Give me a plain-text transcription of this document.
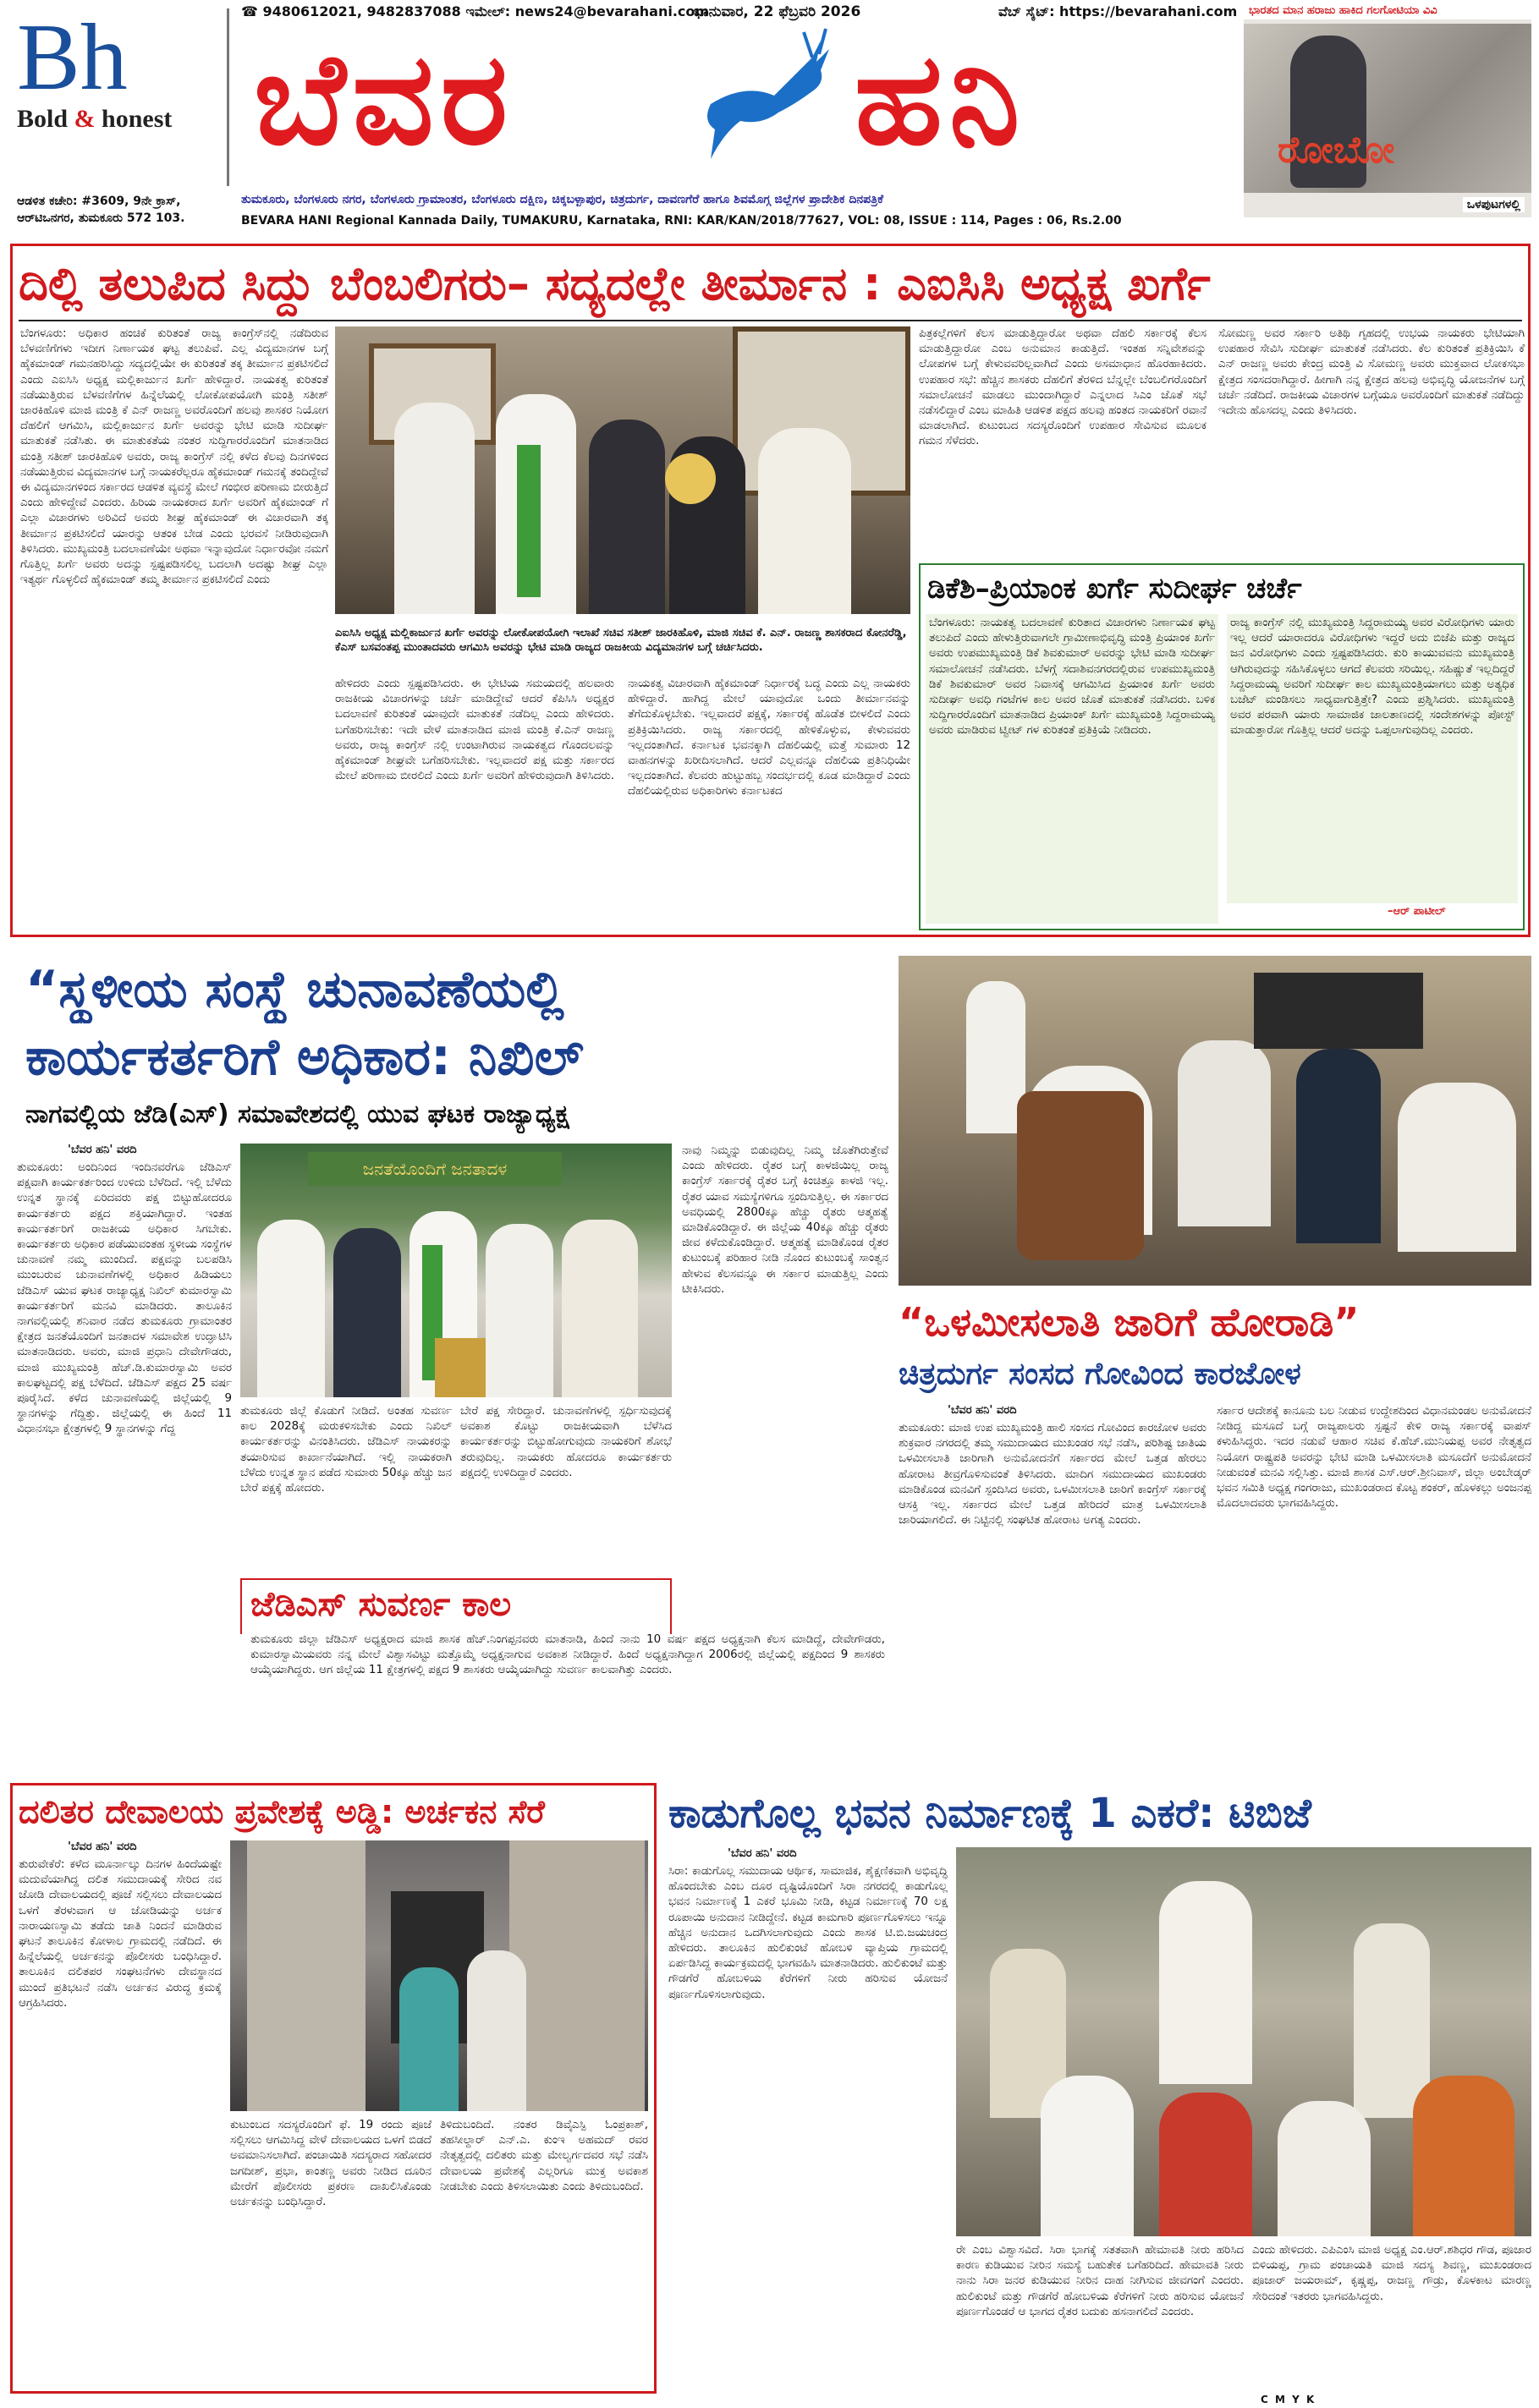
Bh
Bold & honest
☎ 9480612021, 9482837088 ಇಮೇಲ್: news24@bevarahani.com
ಭಾನುವಾರ, 22 ಫೆಬ್ರವರಿ 2026	ವೆಬ್ ಸೈಟ್: https://bevarahani.com
ಬೆವರ	ಹನಿ
ಭಾರತದ ಮಾನ ಹರಾಜು ಹಾಕಿದ ಗಲಗೋಟಿಯಾ ವಿವಿ
ರೋಬೋ
ಒಳಪುಟಗಳಲ್ಲಿ
ಆಡಳಿತ ಕಚೇರಿ: #3609, 9ನೇ ಕ್ರಾಸ್,
ಆರ್‌ಟಿಒನಗರ, ತುಮಕೂರು 572 103.
ತುಮಕೂರು, ಬೆಂಗಳೂರು ನಗರ, ಬೆಂಗಳೂರು ಗ್ರಾಮಾಂತರ, ಬೆಂಗಳೂರು ದಕ್ಷಿಣ, ಚಿಕ್ಕಬಳ್ಳಾಪುರ, ಚಿತ್ರದುರ್ಗ, ದಾವಣಗೆರೆ ಹಾಗೂ ಶಿವಮೊಗ್ಗ ಜಿಲ್ಲೆಗಳ ಪ್ರಾದೇಶಿಕ ದಿನಪತ್ರಿಕೆ
BEVARA HANI Regional Kannada Daily, TUMAKURU, Karnataka, RNI: KAR/KAN/2018/77627, VOL: 08, ISSUE : 114, Pages : 06, Rs.2.00
ದಿಲ್ಲಿ ತಲುಪಿದ ಸಿದ್ದು ಬೆಂಬಲಿಗರು– ಸದ್ಯದಲ್ಲೇ ತೀರ್ಮಾನ : ಎಐಸಿಸಿ ಅಧ್ಯಕ್ಷ ಖರ್ಗೆ
ಬೆಂಗಳೂರು: ಅಧಿಕಾರ ಹಂಚಿಕೆ ಕುರಿತಂತೆ ರಾಜ್ಯ ಕಾಂಗ್ರೆಸ್‌ನಲ್ಲಿ ನಡೆದಿರುವ ಬೆಳವಣಿಗೆಗಳು ಇದೀಗ ನಿರ್ಣಾಯಕ ಘಟ್ಟ ತಲುಪಿವೆ. ಎಲ್ಲ ವಿದ್ಯಮಾನಗಳ ಬಗ್ಗೆ ಹೈಕಮಾಂಡ್ ಗಮನಹರಿಸಿದ್ದು ಸದ್ಯದಲ್ಲಿಯೇ ಈ ಕುರಿತಂತೆ ತಕ್ಕ ತೀರ್ಮಾನ ಪ್ರಕಟಿಸಲಿದೆ ಎಂದು ಎಐಸಿಸಿ ಅಧ್ಯಕ್ಷ ಮಲ್ಲಿಕಾರ್ಜುನ ಖರ್ಗೆ ಹೇಳಿದ್ದಾರೆ. ನಾಯಕತ್ವ ಕುರಿತಂತೆ ನಡೆಯುತ್ತಿರುವ ಬೆಳವಣಿಗೆಗಳ ಹಿನ್ನೆಲೆಯಲ್ಲಿ ಲೋಕೋಪಯೋಗಿ ಮಂತ್ರಿ ಸತೀಶ್ ಜಾರಕಿಹೊಳಿ ಮಾಜಿ ಮಂತ್ರಿ ಕೆ ಎನ್ ರಾಜಣ್ಣ ಅವರೊಂದಿಗೆ ಹಲವು ಶಾಸಕರ ನಿಯೋಗ ದೆಹಲಿಗೆ ಆಗಮಿಸಿ, ಮಲ್ಲಿಕಾರ್ಜುನ ಖರ್ಗೆ ಅವರನ್ನು ಭೇಟಿ ಮಾಡಿ ಸುದೀರ್ಘ ಮಾತುಕತೆ ನಡೆಸಿತು. ಈ ಮಾತುಕತೆಯ ನಂತರ ಸುದ್ದಿಗಾರರೊಂದಿಗೆ ಮಾತನಾಡಿದ ಮಂತ್ರಿ ಸತೀಶ್ ಜಾರಕಿಹೊಳಿ ಅವರು, ರಾಜ್ಯ ಕಾಂಗ್ರೆಸ್ ನಲ್ಲಿ ಕಳೆದ ಕೆಲವು ದಿನಗಳಿಂದ ನಡೆಯುತ್ತಿರುವ ವಿದ್ಯಮಾನಗಳ ಬಗ್ಗೆ ನಾಯಕರೆಲ್ಲರೂ ಹೈಕಮಾಂಡ್ ಗಮನಕ್ಕೆ ತಂದಿದ್ದೇವೆ ಈ ವಿದ್ಯಮಾನಗಳಿಂದ ಸರ್ಕಾರದ ಆಡಳಿತ ವ್ಯವಸ್ಥೆ ಮೇಲೆ ಗಂಭೀರ ಪರಿಣಾಮ ಬೀರುತ್ತಿದೆ ಎಂದು ಹೇಳಿದ್ದೇವೆ ಎಂದರು. ಹಿರಿಯ ನಾಯಕರಾದ ಖರ್ಗೆ ಅವರಿಗೆ ಹೈಕಮಾಂಡ್ ಗೆ ಎಲ್ಲಾ ವಿಚಾರಗಳು ಅರಿವಿದೆ ಅವರು ಶೀಘ್ರ ಹೈಕಮಾಂಡ್ ಈ ವಿಚಾರವಾಗಿ ತಕ್ಕ ತೀರ್ಮಾನ ಪ್ರಕಟಿಸಲಿದೆ ಯಾರನ್ನು ಆತಂಕ ಬೇಡ ಎಂದು ಭರವಸೆ ನೀಡಿರುವುದಾಗಿ ತಿಳಿಸಿದರು. ಮುಖ್ಯಮಂತ್ರಿ ಬದಲಾವಣೆಯೇ ಅಥವಾ ಇನ್ನಾವುದೋ ನಿರ್ಧಾರವೋ ನಮಗೆ ಗೊತ್ತಿಲ್ಲ ಖರ್ಗೆ ಅವರು ಅದನ್ನು ಸ್ಪಷ್ಟಪಡಿಸಲಿಲ್ಲ ಬದಲಾಗಿ ಅದಷ್ಟು ಶೀಘ್ರ ಎಲ್ಲಾ ಇತ್ಯರ್ಥ ಗೊಳ್ಳಲಿದೆ ಹೈಕಮಾಂಡ್ ತಮ್ಮ ತೀರ್ಮಾನ ಪ್ರಕಟಿಸಲಿದೆ ಎಂದು
ಎಐಸಿಸಿ ಅಧ್ಯಕ್ಷ ಮಲ್ಲಿಕಾರ್ಜುನ ಖರ್ಗೆ ಅವರನ್ನು ಲೋಕೋಪಯೋಗಿ ಇಲಾಖೆ ಸಚಿವ ಸತೀಶ್ ಜಾರಕಿಹೊಳಿ, ಮಾಜಿ ಸಚಿವ ಕೆ. ಎನ್. ರಾಜಣ್ಣ ಶಾಸಕರಾದ ಕೋನರೆಡ್ಡಿ, ಕೆಎಸ್ ಬಸವಂತಪ್ಪ ಮುಂತಾದವರು ಆಗಮಿಸಿ ಅವರನ್ನು ಭೇಟಿ ಮಾಡಿ ರಾಜ್ಯದ ರಾಜಕೀಯ ವಿದ್ಯಮಾನಗಳ ಬಗ್ಗೆ ಚರ್ಚಿಸಿದರು.
ಹೇಳಿದರು ಎಂದು ಸ್ಪಷ್ಟಪಡಿಸಿದರು. ಈ ಭೇಟಿಯ ಸಮಯದಲ್ಲಿ ಹಲವಾರು ರಾಜಕೀಯ ವಿಚಾರಗಳನ್ನು ಚರ್ಚೆ ಮಾಡಿದ್ದೇವೆ ಆದರೆ ಕೆಪಿಸಿಸಿ ಅಧ್ಯಕ್ಷರ ಬದಲಾವಣೆ ಕುರಿತಂತೆ ಯಾವುದೇ ಮಾತುಕತೆ ನಡೆದಿಲ್ಲ ಎಂದು ಹೇಳಿದರು. ಬಗೆಹರಿಸಬೇಕು: ಇದೇ ವೇಳೆ ಮಾತನಾಡಿದ ಮಾಜಿ ಮಂತ್ರಿ ಕೆ.ಎನ್ ರಾಜಣ್ಣ ಅವರು, ರಾಜ್ಯ ಕಾಂಗ್ರೆಸ್ ನಲ್ಲಿ ಉಂಟಾಗಿರುವ ನಾಯಕತ್ವದ ಗೊಂದಲವನ್ನು ಹೈಕಮಾಂಡ್ ಶೀಘ್ರವೇ ಬಗೆಹರಿಸಬೇಕು. ಇಲ್ಲವಾದರೆ ಪಕ್ಷ ಮತ್ತು ಸರ್ಕಾರದ ಮೇಲೆ ಪರಿಣಾಮ ಬೀರಲಿದೆ ಎಂದು ಖರ್ಗೆ ಅವರಿಗೆ ಹೇಳಿರುವುದಾಗಿ ತಿಳಿಸಿದರು.
ನಾಯಕತ್ವ ವಿಚಾರವಾಗಿ ಹೈಕಮಾಂಡ್ ನಿರ್ಧಾರಕ್ಕೆ ಬದ್ಧ ಎಂದು ಎಲ್ಲ ನಾಯಕರು ಹೇಳಿದ್ದಾರೆ. ಹಾಗಿದ್ದ ಮೇಲೆ ಯಾವುದೋ ಒಂದು ತೀರ್ಮಾನವನ್ನು ತೆಗೆದುಕೊಳ್ಳಬೇಕು. ಇಲ್ಲವಾದರೆ ಪಕ್ಷಕ್ಕೆ, ಸರ್ಕಾರಕ್ಕೆ ಹೊಡೆತ ಬೀಳಲಿದೆ ಎಂದು ಪ್ರತಿಕ್ರಿಯಿಸಿದರು. ರಾಜ್ಯ ಸರ್ಕಾರದಲ್ಲಿ ಹೇಳಿಕೊಳ್ಳುವ, ಕೇಳುವವರು ಇಲ್ಲದಂತಾಗಿದೆ. ಕರ್ನಾಟಕ ಭವನಕ್ಕಾಗಿ ದೆಹಲಿಯಲ್ಲಿ ಮತ್ತೆ ಸುಮಾರು 12 ವಾಹನಗಳನ್ನು ಖರೀದಿಸಲಾಗಿದೆ. ಆದರೆ ಎಲ್ಲವನ್ನೂ ದೆಹಲಿಯ ಪ್ರತಿನಿಧಿಯೇ ಇಲ್ಲದಂತಾಗಿದೆ. ಕೆಲವರು ಹುಟ್ಟುಹಬ್ಬ ಸಂದರ್ಭದಲ್ಲಿ ಕೂಡ ಮಾಡಿದ್ದಾರೆ ಎಂದು ದೆಹಲಿಯಲ್ಲಿರುವ ಅಧಿಕಾರಿಗಳು ಕರ್ನಾಟಕದ
ಪಿತ್ರಕಲ್ಲೆಗಳಿಗೆ ಕೆಲಸ ಮಾಡುತ್ತಿದ್ದಾರೋ ಅಥವಾ ದೆಹಲಿ ಸರ್ಕಾರಕ್ಕೆ ಕೆಲಸ ಮಾಡುತ್ತಿದ್ದಾರೋ ಎಂಬ ಅನುಮಾನ ಕಾಡುತ್ತಿದೆ. ಇಂತಹ ಸನ್ನಿವೇಶವನ್ನು ಲೋಪಗಳ ಬಗ್ಗೆ ಕೇಳುವವರಿಲ್ಲವಾಗಿದೆ ಎಂದು ಅಸಮಾಧಾನ ಹೊರಹಾಕಿದರು. ಉಪಹಾರ ಸಭೆ: ಹೆಚ್ಚಿನ ಶಾಸಕರು ದೆಹಲಿಗೆ ತೆರಳಿದ ಬೆನ್ನಲ್ಲೇ ಬೆಂಬಲಿಗರೊಂದಿಗೆ ಸಮಾಲೋಚನೆ ಮಾಡಲು ಮುಂದಾಗಿದ್ದಾರೆ ಎನ್ನಲಾದ ಸಿಎಂ ಜೊತೆ ಸಭೆ ನಡೆಸಲಿದ್ದಾರೆ ಎಂಬ ಮಾಹಿತಿ ಆಡಳಿತ ಪಕ್ಷದ ಹಲವು ಹಂತದ ನಾಯಕರಿಗೆ ರವಾನೆ ಮಾಡಲಾಗಿದೆ. ಕುಟುಂಬದ ಸದಸ್ಯರೊಂದಿಗೆ ಉಪಹಾರ ಸೇವಿಸುವ ಮೂಲಕ ಗಮನ ಸೆಳೆದರು.
ಸೋಮಣ್ಣ ಅವರ ಸರ್ಕಾರಿ ಅತಿಥಿ ಗೃಹದಲ್ಲಿ ಉಭಯ ನಾಯಕರು ಭೇಟಿಯಾಗಿ ಉಪಹಾರ ಸೇವಿಸಿ ಸುದೀರ್ಘ ಮಾತುಕತೆ ನಡೆಸಿದರು. ಕೆಲ ಕುರಿತಂತೆ ಪ್ರತಿಕ್ರಿಯಿಸಿ ಕೆ ಎನ್ ರಾಜಣ್ಣ ಅವರು ಕೇಂದ್ರ ಮಂತ್ರಿ ವಿ ಸೋಮಣ್ಣ ಅವರು ಮುಕ್ತವಾದ ಲೋಕಸಭಾ ಕ್ಷೇತ್ರದ ಸಂಸದರಾಗಿದ್ದಾರೆ. ಹೀಗಾಗಿ ನನ್ನ ಕ್ಷೇತ್ರದ ಹಲವು ಅಭಿವೃದ್ಧಿ ಯೋಜನೆಗಳ ಬಗ್ಗೆ ಚರ್ಚೆ ನಡೆದಿದೆ. ರಾಜಕೀಯ ವಿಚಾರಗಳ ಬಗ್ಗೆಯೂ ಅವರೊಂದಿಗೆ ಮಾತುಕತೆ ನಡೆದಿದ್ದು ಇದೇನು ಹೊಸದಲ್ಲ ಎಂದು ತಿಳಿಸಿದರು.
ಡಿಕೆಶಿ–ಪ್ರಿಯಾಂಕ ಖರ್ಗೆ ಸುದೀರ್ಘ ಚರ್ಚೆ
ಬೆಂಗಳೂರು: ನಾಯಕತ್ವ ಬದಲಾವಣೆ ಕುರಿತಾದ ವಿಚಾರಗಳು ನಿರ್ಣಾಯಕ ಘಟ್ಟ ತಲುಪಿದೆ ಎಂದು ಹೇಳುತ್ತಿರುವಾಗಲೇ ಗ್ರಾಮೀಣಾಭಿವೃದ್ಧಿ ಮಂತ್ರಿ ಪ್ರಿಯಾಂಕ ಖರ್ಗೆ ಅವರು ಉಪಮುಖ್ಯಮಂತ್ರಿ ಡಿಕೆ ಶಿವಕುಮಾರ್ ಅವರನ್ನು ಭೇಟಿ ಮಾಡಿ ಸುದೀರ್ಘ ಸಮಾಲೋಚನೆ ನಡೆಸಿದರು. ಬೆಳಗ್ಗೆ ಸದಾಶಿವನಗರದಲ್ಲಿರುವ ಉಪಮುಖ್ಯಮಂತ್ರಿ ಡಿಕೆ ಶಿವಕುಮಾರ್ ಅವರ ನಿವಾಸಕ್ಕೆ ಆಗಮಿಸಿದ ಪ್ರಿಯಾಂಕ ಖರ್ಗೆ ಅವರು ಸುದೀರ್ಘ ಅವಧಿ ಗಂಟೆಗಳ ಕಾಲ ಅವರ ಜೊತೆ ಮಾತುಕತೆ ನಡೆಸಿದರು. ಬಳಿಕ ಸುದ್ದಿಗಾರರೊಂದಿಗೆ ಮಾತನಾಡಿದ ಪ್ರಿಯಾಂಕ್ ಖರ್ಗೆ ಮುಖ್ಯಮಂತ್ರಿ ಸಿದ್ದರಾಮಯ್ಯ ಅವರು ಮಾಡಿರುವ ಟ್ವೀಟ್ ಗಳ ಕುರಿತಂತೆ ಪ್ರತಿಕ್ರಿಯೆ ನೀಡಿದರು.
ರಾಜ್ಯ ಕಾಂಗ್ರೆಸ್ ನಲ್ಲಿ ಮುಖ್ಯಮಂತ್ರಿ ಸಿದ್ದರಾಮಯ್ಯ ಅವರ ವಿರೋಧಿಗಳು ಯಾರು ಇಲ್ಲ ಆದರೆ ಯಾರಾದರೂ ವಿರೋಧಿಗಳು ಇದ್ದರೆ ಅದು ಬಿಜೆಪಿ ಮತ್ತು ರಾಜ್ಯದ ಜನ ವಿರೋಧಿಗಳು ಎಂದು ಸ್ಪಷ್ಟಪಡಿಸಿದರು. ಕುರಿ ಕಾಯುವವನು ಮುಖ್ಯಮಂತ್ರಿ ಆಗಿರುವುದನ್ನು ಸಹಿಸಿಕೊಳ್ಳಲು ಆಗದೆ ಕೆಲವರು ಸರಿಯಿಲ್ಲ. ಸಹಿಷ್ಣುತೆ ಇಲ್ಲದಿದ್ದರೆ ಸಿದ್ದರಾಮಯ್ಯ ಅವರಿಗೆ ಸುದೀರ್ಘ ಕಾಲ ಮುಖ್ಯಮಂತ್ರಿಯಾಗಲು ಮತ್ತು ಅತ್ಯಧಿಕ ಬಜೆಟ್ ಮಂಡಿಸಲು ಸಾಧ್ಯವಾಗುತ್ತಿತ್ತೇ? ಎಂದು ಪ್ರಶ್ನಿಸಿದರು. ಮುಖ್ಯಮಂತ್ರಿ ಅವರ ಪರವಾಗಿ ಯಾರು ಸಾಮಾಜಿಕ ಜಾಲತಾಣದಲ್ಲಿ ಸಂದೇಶಗಳನ್ನು ಪೋಸ್ಟ್ ಮಾಡುತ್ತಾರೋ ಗೊತ್ತಿಲ್ಲ ಆದರೆ ಅದನ್ನು ಒಪ್ಪಲಾಗುವುದಿಲ್ಲ ಎಂದರು.
–ಆರ್ ಪಾಟೀಲ್
“ಸ್ಥಳೀಯ ಸಂಸ್ಥೆ ಚುನಾವಣೆಯಲ್ಲಿ
ಕಾರ್ಯಕರ್ತರಿಗೆ ಅಧಿಕಾರ: ನಿಖಿಲ್
ನಾಗವಲ್ಲಿಯ ಜೆಡಿ(ಎಸ್) ಸಮಾವೇಶದಲ್ಲಿ ಯುವ ಘಟಕ ರಾಜ್ಯಾಧ್ಯಕ್ಷ
'ಬೆವರ ಹನಿ' ವರದಿ
ತುಮಕೂರು: ಅಂದಿನಿಂದ ಇಂದಿನವರೆಗೂ ಜೆಡಿಎಸ್ ಪಕ್ಷವಾಗಿ ಕಾರ್ಯಕರ್ತರಿಂದ ಉಳಿದು ಬೆಳೆದಿದೆ. ಇಲ್ಲಿ ಬೆಳೆದು ಉನ್ನತ ಸ್ಥಾನಕ್ಕೆ ಏರಿದವರು ಪಕ್ಷ ಬಿಟ್ಟುಹೋದರೂ ಕಾರ್ಯಕರ್ತರು ಪಕ್ಷದ ಶಕ್ತಿಯಾಗಿದ್ದಾರೆ. ಇಂತಹ ಕಾರ್ಯಕರ್ತರಿಗೆ ರಾಜಕೀಯ ಅಧಿಕಾರ ಸಿಗಬೇಕು. ಕಾರ್ಯಕರ್ತರು ಅಧಿಕಾರ ಪಡೆಯುವಂತಹ ಸ್ಥಳೀಯ ಸಂಸ್ಥೆಗಳ ಚುನಾವಣೆ ನಮ್ಮ ಮುಂದಿದೆ. ಪಕ್ಷವನ್ನು ಬಲಪಡಿಸಿ ಮುಂಬರುವ ಚುನಾವಣೆಗಳಲ್ಲಿ ಅಧಿಕಾರ ಹಿಡಿಯಲು ಜೆಡಿಎಸ್ ಯುವ ಘಟಕ ರಾಜ್ಯಾಧ್ಯಕ್ಷ ನಿಖಿಲ್ ಕುಮಾರಸ್ವಾಮಿ ಕಾರ್ಯಕರ್ತರಿಗೆ ಮನವಿ ಮಾಡಿದರು. ತಾಲೂಕಿನ ನಾಗವಲ್ಲಿಯಲ್ಲಿ ಶನಿವಾರ ನಡೆದ ತುಮಕೂರು ಗ್ರಾಮಾಂತರ ಕ್ಷೇತ್ರದ ಜನತೆಯೊಂದಿಗೆ ಜನತಾದಳ ಸಮಾವೇಶ ಉದ್ಘಾಟಿಸಿ ಮಾತನಾಡಿದರು. ಅವರು, ಮಾಜಿ ಪ್ರಧಾನಿ ದೇವೇಗೌಡರು, ಮಾಜಿ ಮುಖ್ಯಮಂತ್ರಿ ಹೆಚ್.ಡಿ.ಕುಮಾರಸ್ವಾಮಿ ಅವರ ಕಾಲಘಟ್ಟದಲ್ಲಿ ಪಕ್ಷ ಬೆಳೆದಿದೆ. ಜೆಡಿಎಸ್ ಪಕ್ಷದ 25 ವರ್ಷ ಪೂರೈಸಿದೆ. ಕಳೆದ ಚುನಾವಣೆಯಲ್ಲಿ ಜಿಲ್ಲೆಯಲ್ಲಿ 9 ಸ್ಥಾನಗಳನ್ನು ಗೆದ್ದಿತ್ತು. ಜಿಲ್ಲೆಯಲ್ಲಿ ಈ ಹಿಂದೆ 11 ವಿಧಾನಸಭಾ ಕ್ಷೇತ್ರಗಳಲ್ಲಿ 9 ಸ್ಥಾನಗಳನ್ನು ಗೆದ್ದ
ಜನತೆಯೊಂದಿಗೆ ಜನತಾದಳ
ತುಮಕೂರು ಜಿಲ್ಲೆ ಕೊಡುಗೆ ನೀಡಿದೆ. ಅಂತಹ ಸುವರ್ಣ ಕಾಲ 2028ಕ್ಕೆ ಮರುಕಳಿಸಬೇಕು ಎಂದು ನಿಖಿಲ್ ಕಾರ್ಯಕರ್ತರನ್ನು ವಿನಂತಿಸಿದರು. ಜೆಡಿಎಸ್ ನಾಯಕರನ್ನು ತಯಾರಿಸುವ ಕಾರ್ಖಾನೆಯಾಗಿದೆ. ಇಲ್ಲಿ ನಾಯಕರಾಗಿ ಬೆಳೆದು ಉನ್ನತ ಸ್ಥಾನ ಪಡೆದ ಸುಮಾರು 50ಕ್ಕೂ ಹೆಚ್ಚು ಜನ ಬೇರೆ ಪಕ್ಷಕ್ಕೆ ಹೋದರು.
ಬೇರೆ ಪಕ್ಷ ಸೇರಿದ್ದಾರೆ. ಚುನಾವಣೆಗಳಲ್ಲಿ ಸ್ಪರ್ಧಿಸುವುದಕ್ಕೆ ಅವಕಾಶ ಕೊಟ್ಟು ರಾಜಕೀಯವಾಗಿ ಬೆಳೆಸಿದ ಕಾರ್ಯಕರ್ತರನ್ನು ಬಿಟ್ಟುಹೋಗುವುದು ನಾಯಕರಿಗೆ ಶೋಭೆ ತರುವುದಿಲ್ಲ. ನಾಯಕರು ಹೋದರೂ ಕಾರ್ಯಕರ್ತರು ಪಕ್ಷದಲ್ಲಿ ಉಳಿದಿದ್ದಾರೆ ಎಂದರು.
ನಾವು ನಿಮ್ಮನ್ನು ಬಿಡುವುದಿಲ್ಲ ನಿಮ್ಮ ಜೊತೆಗಿರುತ್ತೇವೆ ಎಂದು ಹೇಳಿದರು. ರೈತರ ಬಗ್ಗೆ ಕಾಳಜಿಯಿಲ್ಲ ರಾಜ್ಯ ಕಾಂಗ್ರೆಸ್ ಸರ್ಕಾರಕ್ಕೆ ರೈತರ ಬಗ್ಗೆ ಕಿಂಚಿತ್ತೂ ಕಾಳಜಿ ಇಲ್ಲ. ರೈತರ ಯಾವ ಸಮಸ್ಯೆಗಳಿಗೂ ಸ್ಪಂದಿಸುತ್ತಿಲ್ಲ. ಈ ಸರ್ಕಾರದ ಅವಧಿಯಲ್ಲಿ 2800ಕ್ಕೂ ಹೆಚ್ಚು ರೈತರು ಆತ್ಮಹತ್ಯೆ ಮಾಡಿಕೊಂಡಿದ್ದಾರೆ. ಈ ಜಿಲ್ಲೆಯ 40ಕ್ಕೂ ಹೆಚ್ಚು ರೈತರು ಜೀವ ಕಳೆದುಕೊಂಡಿದ್ದಾರೆ. ಆತ್ಮಹತ್ಯೆ ಮಾಡಿಕೊಂಡ ರೈತರ ಕುಟುಂಬಕ್ಕೆ ಪರಿಹಾರ ನೀಡಿ ನೊಂದ ಕುಟುಂಬಕ್ಕೆ ಸಾಂತ್ವನ ಹೇಳುವ ಕೆಲಸವನ್ನೂ ಈ ಸರ್ಕಾರ ಮಾಡುತ್ತಿಲ್ಲ ಎಂದು ಟೀಕಿಸಿದರು.
ಜೆಡಿಎಸ್ ಸುವರ್ಣ ಕಾಲ
ತುಮಕೂರು ಜಿಲ್ಲಾ ಜೆಡಿಎಸ್ ಅಧ್ಯಕ್ಷರಾದ ಮಾಜಿ ಶಾಸಕ ಹೆಚ್.ನಿಂಗಪ್ಪನವರು ಮಾತನಾಡಿ, ಹಿಂದೆ ನಾನು 10 ವರ್ಷ ಪಕ್ಷದ ಅಧ್ಯಕ್ಷನಾಗಿ ಕೆಲಸ ಮಾಡಿದ್ದೆ, ದೇವೇಗೌಡರು, ಕುಮಾರಸ್ವಾಮಿಯವರು ನನ್ನ ಮೇಲೆ ವಿಶ್ವಾಸವಿಟ್ಟು ಮತ್ತೊಮ್ಮೆ ಅಧ್ಯಕ್ಷನಾಗುವ ಅವಕಾಶ ನೀಡಿದ್ದಾರೆ. ಹಿಂದೆ ಅಧ್ಯಕ್ಷನಾಗಿದ್ದಾಗ 2006ರಲ್ಲಿ ಜಿಲ್ಲೆಯಲ್ಲಿ ಪಕ್ಷದಿಂದ 9 ಶಾಸಕರು ಆಯ್ಕೆಯಾಗಿದ್ದರು. ಆಗ ಜಿಲ್ಲೆಯ 11 ಕ್ಷೇತ್ರಗಳಲ್ಲಿ ಪಕ್ಷದ 9 ಶಾಸಕರು ಆಯ್ಕೆಯಾಗಿದ್ದು ಸುವರ್ಣ ಕಾಲವಾಗಿತ್ತು ಎಂದರು.
“ಒಳಮೀಸಲಾತಿ ಜಾರಿಗೆ ಹೋರಾಡಿ”
ಚಿತ್ರದುರ್ಗ ಸಂಸದ ಗೋವಿಂದ ಕಾರಜೋಳ
'ಬೆವರ ಹನಿ' ವರದಿ
ತುಮಕೂರು: ಮಾಜಿ ಉಪ ಮುಖ್ಯಮಂತ್ರಿ ಹಾಲಿ ಸಂಸದ ಗೋವಿಂದ ಕಾರಜೋಳ ಅವರು ಶುಕ್ರವಾರ ನಗರದಲ್ಲಿ ತಮ್ಮ ಸಮುದಾಯದ ಮುಖಂಡರ ಸಭೆ ನಡೆಸಿ, ಪರಿಶಿಷ್ಟ ಜಾತಿಯ ಒಳಮೀಸಲಾತಿ ಜಾರಿಗಾಗಿ ಅನುಮೋದನೆಗೆ ಸರ್ಕಾರದ ಮೇಲೆ ಒತ್ತಡ ಹೇರಲು ಹೋರಾಟ ತೀವ್ರಗೊಳಿಸುವಂತೆ ತಿಳಿಸಿದರು. ಮಾದಿಗ ಸಮುದಾಯದ ಮುಖಂಡರು ಮಾಡಿಕೊಂಡ ಮನವಿಗೆ ಸ್ಪಂದಿಸಿದ ಅವರು, ಒಳಮೀಸಲಾತಿ ಜಾರಿಗೆ ಕಾಂಗ್ರೆಸ್ ಸರ್ಕಾರಕ್ಕೆ ಆಸಕ್ತಿ ಇಲ್ಲ. ಸರ್ಕಾರದ ಮೇಲೆ ಒತ್ತಡ ಹೇರಿದರೆ ಮಾತ್ರ ಒಳಮೀಸಲಾತಿ ಜಾರಿಯಾಗಲಿದೆ. ಈ ನಿಟ್ಟಿನಲ್ಲಿ ಸಂಘಟಿತ ಹೋರಾಟ ಅಗತ್ಯ ಎಂದರು.
ಸರ್ಕಾರ ಆದೇಶಕ್ಕೆ ಕಾನೂನು ಬಲ ನೀಡುವ ಉದ್ದೇಶದಿಂದ ವಿಧಾನಮಂಡಲ ಅನುಮೋದನೆ ನೀಡಿದ್ದ ಮಸೂದೆ ಬಗ್ಗೆ ರಾಜ್ಯಪಾಲರು ಸ್ಪಷ್ಟನೆ ಕೇಳಿ ರಾಜ್ಯ ಸರ್ಕಾರಕ್ಕೆ ವಾಪಸ್ ಕಳುಹಿಸಿದ್ದರು. ಇದರ ನಡುವೆ ಆಹಾರ ಸಚಿವ ಕೆ.ಹೆಚ್.ಮುನಿಯಪ್ಪ ಅವರ ನೇತೃತ್ವದ ನಿಯೋಗ ರಾಷ್ಟ್ರಪತಿ ಅವರನ್ನು ಭೇಟಿ ಮಾಡಿ ಒಳಮೀಸಲಾತಿ ಮಸೂದೆಗೆ ಅನುಮೋದನೆ ನೀಡುವಂತೆ ಮನವಿ ಸಲ್ಲಿಸಿತ್ತು. ಮಾಜಿ ಶಾಸಕ ಎಸ್.ಆರ್.ಶ್ರೀನಿವಾಸ್, ಜಿಲ್ಲಾ ಅಂಬೇಡ್ಕರ್ ಭವನ ಸಮಿತಿ ಅಧ್ಯಕ್ಷ ಗಂಗರಾಜು, ಮುಖಂಡರಾದ ಕೊಟ್ಟ ಶಂಕರ್, ಹೊಳಕಲ್ಲು ಅಂಜನಪ್ಪ ಮೊದಲಾದವರು ಭಾಗವಹಿಸಿದ್ದರು.
ದಲಿತರ ದೇವಾಲಯ ಪ್ರವೇಶಕ್ಕೆ ಅಡ್ಡಿ: ಅರ್ಚಕನ ಸೆರೆ
'ಬೆವರ ಹನಿ' ವರದಿ
ತುರುವೇಕೆರೆ: ಕಳೆದ ಮೂರ್ನಾಲ್ಕು ದಿನಗಳ ಹಿಂದೆಯಷ್ಟೇ ಮದುವೆಯಾಗಿದ್ದ ದಲಿತ ಸಮುದಾಯಕ್ಕೆ ಸೇರಿದ ನವ ಜೋಡಿ ದೇವಾಲಯದಲ್ಲಿ ಪೂಜೆ ಸಲ್ಲಿಸಲು ದೇವಾಲಯದ ಒಳಗೆ ತೆರಳುವಾಗ ಆ ಜೋಡಿಯನ್ನು ಅರ್ಚಕ ನಾರಾಯಣಸ್ವಾಮಿ ತಡೆದು ಜಾತಿ ನಿಂದನೆ ಮಾಡಿರುವ ಘಟನೆ ತಾಲೂಕಿನ ಕೋಳಾಲ ಗ್ರಾಮದಲ್ಲಿ ನಡೆದಿದೆ. ಈ ಹಿನ್ನೆಲೆಯಲ್ಲಿ ಅರ್ಚಕನನ್ನು ಪೊಲೀಸರು ಬಂಧಿಸಿದ್ದಾರೆ. ತಾಲೂಕಿನ ದಲಿತಪರ ಸಂಘಟನೆಗಳು ದೇವಸ್ಥಾನದ ಮುಂದೆ ಪ್ರತಿಭಟನೆ ನಡೆಸಿ ಅರ್ಚಕನ ವಿರುದ್ಧ ಕ್ರಮಕ್ಕೆ ಆಗ್ರಹಿಸಿದರು.
ಕುಟುಂಬದ ಸದಸ್ಯರೊಂದಿಗೆ ಫೆ. 19 ರಂದು ಪೂಜೆ ಸಲ್ಲಿಸಲು ಆಗಮಿಸಿದ್ದ ವೇಳೆ ದೇವಾಲಯದ ಒಳಗೆ ಬಿಡದೆ ಅವಮಾನಿಸಲಾಗಿದೆ. ಪಂಚಾಯಿತಿ ಸದಸ್ಯರಾದ ಸಹೋದರ ಜಗದೀಶ್, ಪ್ರಭಾ, ಕಾಂತಣ್ಣ ಅವರು ನೀಡಿದ ದೂರಿನ ಮೇರೆಗೆ ಪೊಲೀಸರು ಪ್ರಕರಣ ದಾಖಲಿಸಿಕೊಂಡು ಅರ್ಚಕನನ್ನು ಬಂಧಿಸಿದ್ದಾರೆ.
ತಿಳಿದುಬಂದಿದೆ. ನಂತರ ಡಿವೈಎಸ್ಪಿ ಓಂಪ್ರಕಾಶ್, ತಹಸೀಲ್ದಾರ್ ಎನ್.ಎ. ಕುಂಇ ಅಹಮದ್ ರವರ ನೇತೃತ್ವದಲ್ಲಿ ದಲಿತರು ಮತ್ತು ಮೇಲ್ವರ್ಗದವರ ಸಭೆ ನಡೆಸಿ ದೇವಾಲಯ ಪ್ರವೇಶಕ್ಕೆ ಎಲ್ಲರಿಗೂ ಮುಕ್ತ ಅವಕಾಶ ನೀಡಬೇಕು ಎಂದು ತಿಳಿಸಲಾಯಿತು ಎಂದು ತಿಳಿದುಬಂದಿದೆ.
ಕಾಡುಗೊಲ್ಲ ಭವನ ನಿರ್ಮಾಣಕ್ಕೆ 1 ಎಕರೆ: ಟಿಬಿಜೆ
'ಬೆವರ ಹನಿ' ವರದಿ
ಸಿರಾ: ಕಾಡುಗೊಲ್ಲ ಸಮುದಾಯ ಆರ್ಥಿಕ, ಸಾಮಾಜಿಕ, ಶೈಕ್ಷಣಿಕವಾಗಿ ಅಭಿವೃದ್ಧಿ ಹೊಂದಬೇಕು ಎಂಬ ದೂರ ದೃಷ್ಟಿಯೊಂದಿಗೆ ಸಿರಾ ನಗರದಲ್ಲಿ ಕಾಡುಗೊಲ್ಲ ಭವನ ನಿರ್ಮಾಣಕ್ಕೆ 1 ಎಕರೆ ಭೂಮಿ ನೀಡಿ, ಕಟ್ಟಡ ನಿರ್ಮಾಣಕ್ಕೆ 70 ಲಕ್ಷ ರೂಪಾಯಿ ಅನುದಾನ ನೀಡಿದ್ದೇನೆ. ಕಟ್ಟಡ ಕಾಮಗಾರಿ ಪೂರ್ಣಗೊಳಿಸಲು ಇನ್ನೂ ಹೆಚ್ಚಿನ ಅನುದಾನ ಒದಗಿಸಲಾಗುವುದು ಎಂದು ಶಾಸಕ ಟಿ.ಬಿ.ಜಯಚಂದ್ರ ಹೇಳಿದರು. ತಾಲೂಕಿನ ಹುಲಿಕುಂಟೆ ಹೋಬಳಿ ವ್ಯಾಪ್ತಿಯ ಗ್ರಾಮದಲ್ಲಿ ಏರ್ಪಡಿಸಿದ್ದ ಕಾರ್ಯಕ್ರಮದಲ್ಲಿ ಭಾಗವಹಿಸಿ ಮಾತನಾಡಿದರು. ಹುಲಿಕುಂಟೆ ಮತ್ತು ಗೌಡಗೆರೆ ಹೋಬಳಿಯ ಕೆರೆಗಳಿಗೆ ನೀರು ಹರಿಸುವ ಯೋಜನೆ ಪೂರ್ಣಗೊಳಿಸಲಾಗುವುದು.
ರೇ ಎಂಬ ವಿಶ್ವಾಸವಿದೆ. ಸಿರಾ ಭಾಗಕ್ಕೆ ಸತತವಾಗಿ ಹೇಮಾವತಿ ನೀರು ಹರಿಸಿದ ಕಾರಣ ಕುಡಿಯುವ ನೀರಿನ ಸಮಸ್ಯೆ ಬಹುತೇಕ ಬಗೆಹರಿದಿದೆ. ಹೇಮಾವತಿ ನೀರು ನಾನು ಸಿರಾ ಜನರ ಕುಡಿಯುವ ನೀರಿನ ದಾಹ ನೀಗಿಸುವ ಜೀವಗಂಗೆ ಎಂದರು. ಹುಲಿಕುಂಟೆ ಮತ್ತು ಗೌಡಗೆರೆ ಹೋಬಳಿಯ ಕೆರೆಗಳಿಗೆ ನೀರು ಹರಿಸುವ ಯೋಜನೆ ಪೂರ್ಣಗೊಂಡರೆ ಆ ಭಾಗದ ರೈತರ ಬದುಕು ಹಸನಾಗಲಿದೆ ಎಂದರು.
ಎಂದು ಹೇಳಿದರು. ಎಪಿಎಂಸಿ ಮಾಜಿ ಅಧ್ಯಕ್ಷ ಎಂ.ಆರ್.ಶಶಿಧರ ಗೌಡ, ಪೂಜಾರ ಬಿಳಿಯಪ್ಪ, ಗ್ರಾಮ ಪಂಚಾಯತಿ ಮಾಜಿ ಸದಸ್ಯ ಶಿವಣ್ಣ, ಮುಖಂಡರಾದ ಪೂಜಾರ್ ಜಯರಾಮ್, ಕೃಷ್ಣಪ್ಪ, ರಾಜಣ್ಣ ಗೌಡ್ರು, ಕೊಳಕಾಟ ಮಾರಣ್ಣ ಸೇರಿದಂತೆ ಇತರರು ಭಾಗವಹಿಸಿದ್ದರು.
C M Y K
